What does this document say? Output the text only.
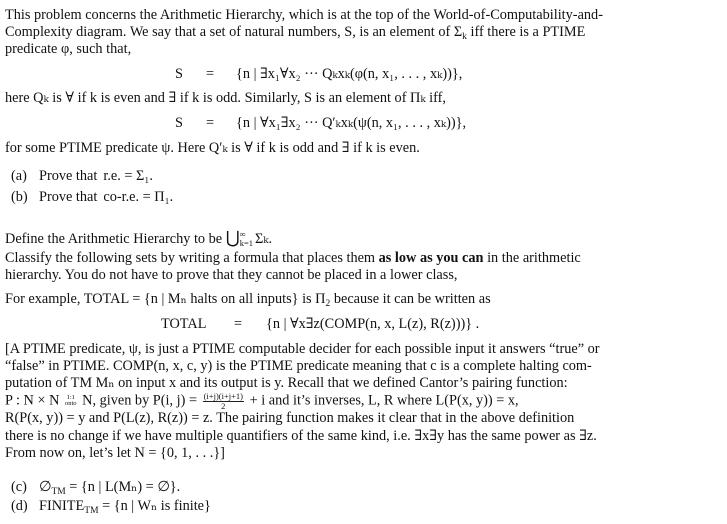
This problem concerns the Arithmetic Hierarchy, which is at the top of the World-of-Computability-and-
Complexity diagram. We say that a set of natural numbers, S, is an element of $\Sigma_k$ iff there is a PTIME
predicate φ, such that,
S = {n | ∃x₁∀x₂ ··· Qₖxₖ(φ(n, x₁, . . . , xₖ))},
here Qₖ is ∀ if k is even and ∃ if k is odd. Similarly, S is an element of Πₖ iff,
S = {n | ∀x₁∃x₂ ··· Q′ₖxₖ(ψ(n, x₁, . . . , xₖ))},
for some PTIME predicate ψ. Here Q′ₖ is ∀ if k is odd and ∃ if k is even.
(a) Prove that r.e. = Σ₁.
(b) Prove that co-r.e. = Π₁.
Define the Arithmetic Hierarchy to be ⋃ ∞
k=1 Σₖ.
Classify the following sets by writing a formula that places them as low as you can in the arithmetic
hierarchy. You do not have to prove that they cannot be placed in a lower class,
For example, TOTAL = {n | Mₙ halts on all inputs} is $\Pi_2$ because it can be written as
TOTAL = {n | ∀x∃z(COMP(n, x, L(z), R(z)))} .
[A PTIME predicate, ψ, is just a PTIME computable decider for each possible input it answers “true” or
“false” in PTIME. COMP(n, x, c, y) is the PTIME predicate meaning that c is a complete halting com-
putation of TM Mₙ on input x and its output is y. Recall that we defined Cantor’s pairing function:
P : N × N 1:1
onto N, given by P(i, $j) = \frac{(i+j)(i+j+1)}{2} + i$ and it’s inverses, L, R where L(P(x, y)) = x,
R(P(x, y)) = y and P(L(z), R(z)) = z. The pairing function makes it clear that in the above definition
there is no change if we have multiple quantifiers of the same kind, i.e. ∃x∃y has the same power as ∃z.
From now on, let’s let N = {0, 1, . . .}]
(c) $\emptyset_{TM} = \{n$ | L(Mₙ) = ∅}.
(d) $FINITE_{TM} = \{n$ | Wₙ is finite}
